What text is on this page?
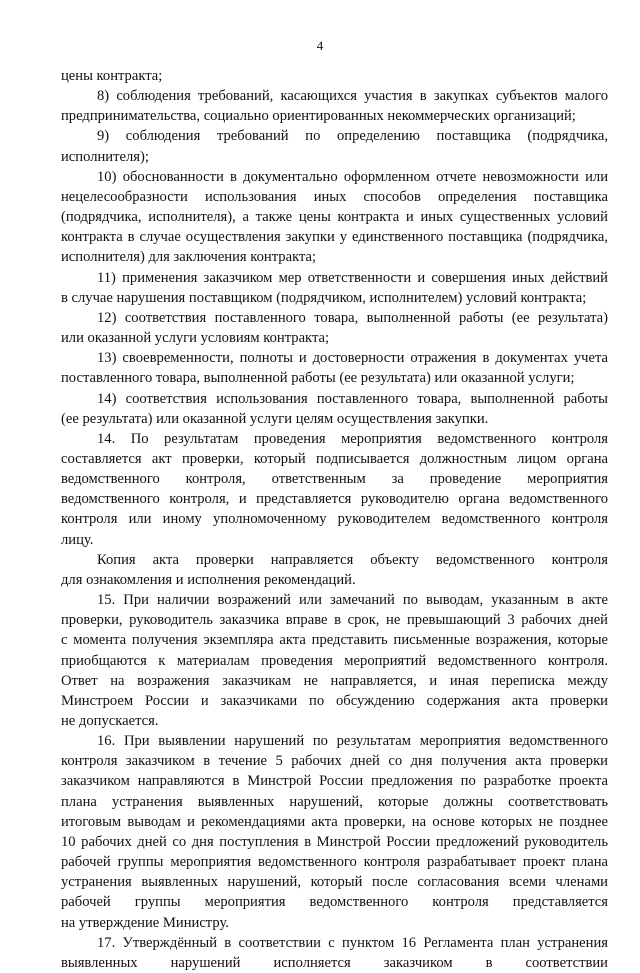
4
цены контракта;
8) соблюдения требований, касающихся участия в закупках субъектов малого
предпринимательства, социально ориентированных некоммерческих организаций;
9) соблюдения требований по определению поставщика (подрядчика,
исполнителя);
10) обоснованности в документально оформленном отчете невозможности или
нецелесообразности использования иных способов определения поставщика
(подрядчика, исполнителя), а также цены контракта и иных существенных условий
контракта в случае осуществления закупки у единственного поставщика (подрядчика,
исполнителя) для заключения контракта;
11) применения заказчиком мер ответственности и совершения иных действий
в случае нарушения поставщиком (подрядчиком, исполнителем) условий контракта;
12) соответствия поставленного товара, выполненной работы (ее результата)
или оказанной услуги условиям контракта;
13) своевременности, полноты и достоверности отражения в документах учета
поставленного товара, выполненной работы (ее результата) или оказанной услуги;
14) соответствия использования поставленного товара, выполненной работы
(ее результата) или оказанной услуги целям осуществления закупки.
14. По результатам проведения мероприятия ведомственного контроля
составляется акт проверки, который подписывается должностным лицом органа
ведомственного контроля, ответственным за проведение мероприятия
ведомственного контроля, и представляется руководителю органа ведомственного
контроля или иному уполномоченному руководителем ведомственного контроля
лицу.
Копия акта проверки направляется объекту ведомственного контроля
для ознакомления и исполнения рекомендаций.
15. При наличии возражений или замечаний по выводам, указанным в акте
проверки, руководитель заказчика вправе в срок, не превышающий 3 рабочих дней
с момента получения экземпляра акта представить письменные возражения, которые
приобщаются к материалам проведения мероприятий ведомственного контроля.
Ответ на возражения заказчикам не направляется, и иная переписка между
Минстроем России и заказчиками по обсуждению содержания акта проверки
не допускается.
16. При выявлении нарушений по результатам мероприятия ведомственного
контроля заказчиком в течение 5 рабочих дней со дня получения акта проверки
заказчиком направляются в Минстрой России предложения по разработке проекта
плана устранения выявленных нарушений, которые должны соответствовать
итоговым выводам и рекомендациями акта проверки, на основе которых не позднее
10 рабочих дней со дня поступления в Минстрой России предложений руководитель
рабочей группы мероприятия ведомственного контроля разрабатывает проект плана
устранения выявленных нарушений, который после согласования всеми членами
рабочей группы мероприятия ведомственного контроля представляется
на утверждение Министру.
17. Утверждённый в соответствии с пунктом 16 Регламента план устранения
выявленных нарушений исполняется заказчиком в соответствии
